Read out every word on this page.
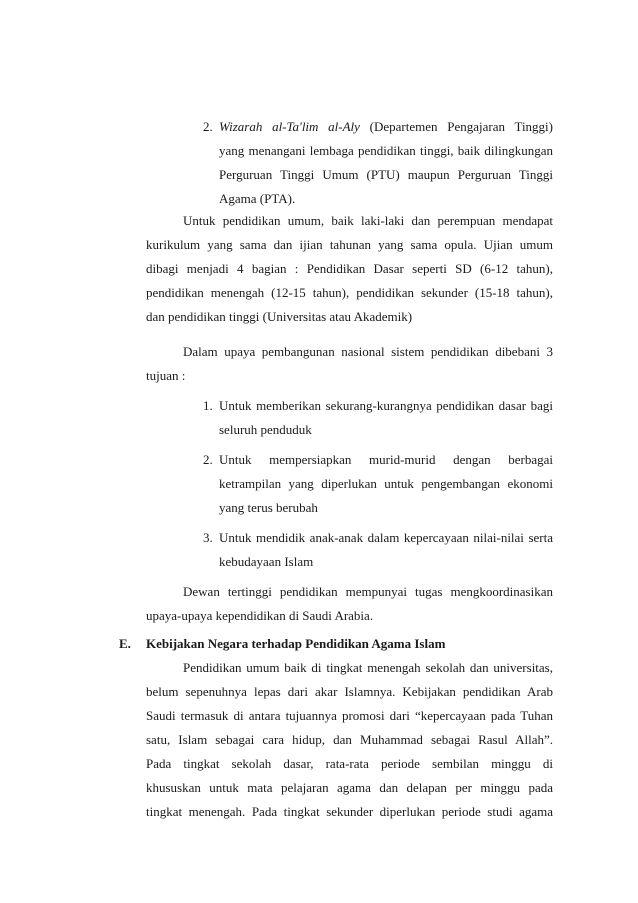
2. Wizarah al-Ta'lim al-Aly (Departemen Pengajaran Tinggi)
yang menangani lembaga pendidikan tinggi, baik dilingkungan
Perguruan Tinggi Umum (PTU) maupun Perguruan Tinggi
Agama (PTA).
Untuk pendidikan umum, baik laki-laki dan perempuan mendapat
kurikulum yang sama dan ijian tahunan yang sama opula. Ujian umum
dibagi menjadi 4 bagian : Pendidikan Dasar seperti SD (6-12 tahun),
pendidikan menengah (12-15 tahun), pendidikan sekunder (15-18 tahun),
dan pendidikan tinggi (Universitas atau Akademik)
Dalam upaya pembangunan nasional sistem pendidikan dibebani 3
tujuan :
1. Untuk memberikan sekurang-kurangnya pendidikan dasar bagi
seluruh penduduk
2. Untuk mempersiapkan murid-murid dengan berbagai
ketrampilan yang diperlukan untuk pengembangan ekonomi
yang terus berubah
3. Untuk mendidik anak-anak dalam kepercayaan nilai-nilai serta
kebudayaan Islam
Dewan tertinggi pendidikan mempunyai tugas mengkoordinasikan
upaya-upaya kependidikan di Saudi Arabia.
E. Kebijakan Negara terhadap Pendidikan Agama Islam
Pendidikan umum baik di tingkat menengah sekolah dan universitas,
belum sepenuhnya lepas dari akar Islamnya. Kebijakan pendidikan Arab
Saudi termasuk di antara tujuannya promosi dari “kepercayaan pada Tuhan
satu, Islam sebagai cara hidup, dan Muhammad sebagai Rasul Allah”.
Pada tingkat sekolah dasar, rata-rata periode sembilan minggu di
khususkan untuk mata pelajaran agama dan delapan per minggu pada
tingkat menengah. Pada tingkat sekunder diperlukan periode studi agama
